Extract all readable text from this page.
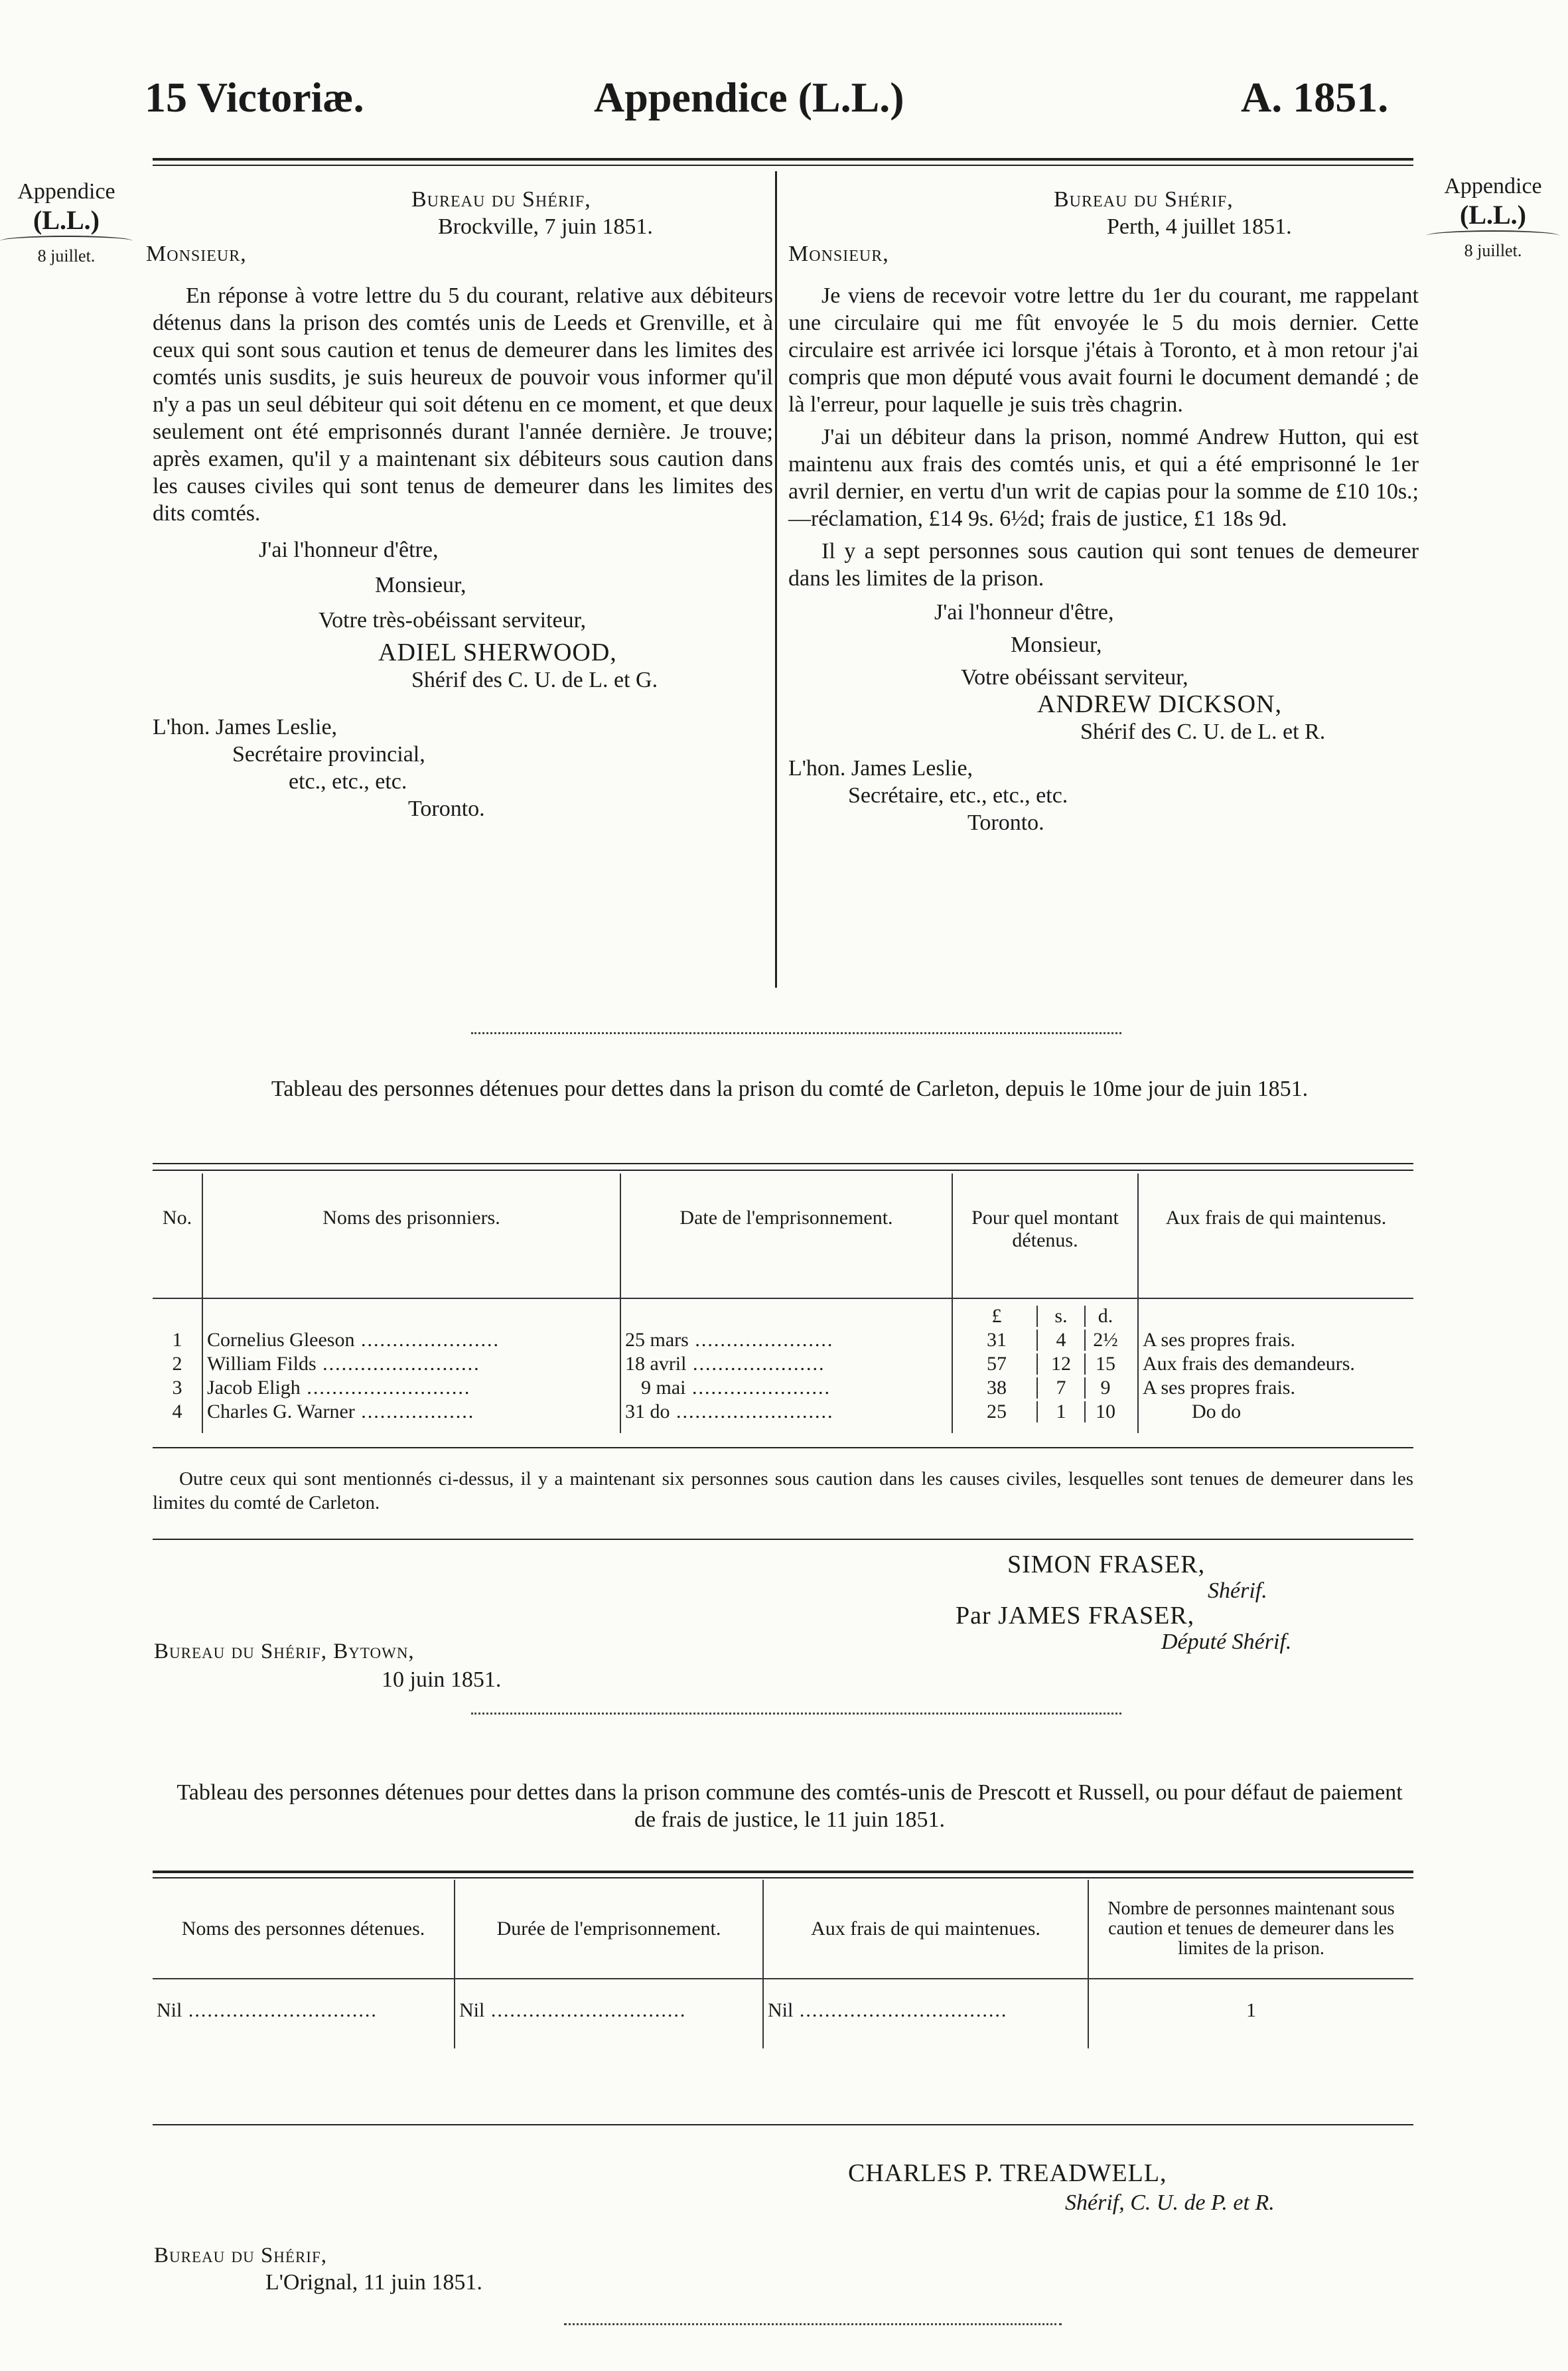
15 Victoriæ.	Appendice (L.L.)	A. 1851.
Appendice
(L.L.)
8 juillet.
Appendice
(L.L.)
8 juillet.
Bureau du Shérif,
Brockville, 7 juin 1851.
Monsieur,

En réponse à votre lettre du 5 du courant, relative aux débiteurs détenus dans la prison des comtés unis de Leeds et Grenville, et à ceux qui sont sous caution et tenus de demeurer dans les limites des comtés unis susdits, je suis heureux de pouvoir vous informer qu'il n'y a pas un seul débiteur qui soit détenu en ce moment, et que deux seulement ont été emprisonnés durant l'année dernière. Je trouve; après examen, qu'il y a maintenant six débiteurs sous caution dans les causes civiles qui sont tenus de demeurer dans les limites des dits comtés.

J'ai l'honneur d'être,
Monsieur,
Votre très-obéissant serviteur,
ADIEL SHERWOOD,
Shérif des C. U. de L. et G.
L'hon. James Leslie,
Secrétaire provincial,
etc., etc., etc.
Toronto.
Bureau du Shérif,
Perth, 4 juillet 1851.
Monsieur,

Je viens de recevoir votre lettre du 1er du courant, me rappelant une circulaire qui me fût envoyée le 5 du mois dernier. Cette circulaire est arrivée ici lorsque j'étais à Toronto, et à mon retour j'ai compris que mon député vous avait fourni le document demandé ; de là l'erreur, pour laquelle je suis très chagrin.

J'ai un débiteur dans la prison, nommé Andrew Hutton, qui est maintenu aux frais des comtés unis, et qui a été emprisonné le 1er avril dernier, en vertu d'un writ de capias pour la somme de £10 10s.;—réclamation, £14 9s. 6½d; frais de justice, £1 18s 9d.

Il y a sept personnes sous caution qui sont tenues de demeurer dans les limites de la prison.

J'ai l'honneur d'être,
Monsieur,
Votre obéissant serviteur,
ANDREW DICKSON,
Shérif des C. U. de L. et R.
L'hon. James Leslie,
Secrétaire, etc., etc., etc.
Toronto.
Tableau des personnes détenues pour dettes dans la prison du comté de Carleton, depuis le 10me jour de juin 1851.
No.	Noms des prisonniers.	Date de l'emprisonnement.	Pour quel montant détenus.	Aux frais de qui maintenus.

			£ s. d.	

1	Cornelius Gleeson ......................	25 mars ......................	31 4 2½	A ses propres frais.
2	William Filds .........................	18 avril .....................	57 12 15	Aux frais des demandeurs.
3	Jacob Eligh ..........................	9 mai ......................	38 7 9	A ses propres frais.
4	Charles G. Warner ..................	31 do .........................	25 1 10	Do do
Outre ceux qui sont mentionnés ci-dessus, il y a maintenant six personnes sous caution dans les causes civiles, lesquelles sont tenues de demeurer dans les limites du comté de Carleton.
SIMON FRASER,
Shérif.
Par JAMES FRASER,
Député Shérif.
Bureau du Shérif, Bytown,
10 juin 1851.
Tableau des personnes détenues pour dettes dans la prison commune des comtés-unis de Prescott et Russell, ou pour défaut de paiement de frais de justice, le 11 juin 1851.
Noms des personnes détenues.	Durée de l'emprisonnement.	Aux frais de qui maintenues.	Nombre de personnes maintenant sous caution et tenues de demeurer dans les limites de la prison.
Nil ..............................	Nil ...............................	Nil .................................	1
CHARLES P. TREADWELL,
Shérif, C. U. de P. et R.
Bureau du Shérif,
L'Orignal, 11 juin 1851.
